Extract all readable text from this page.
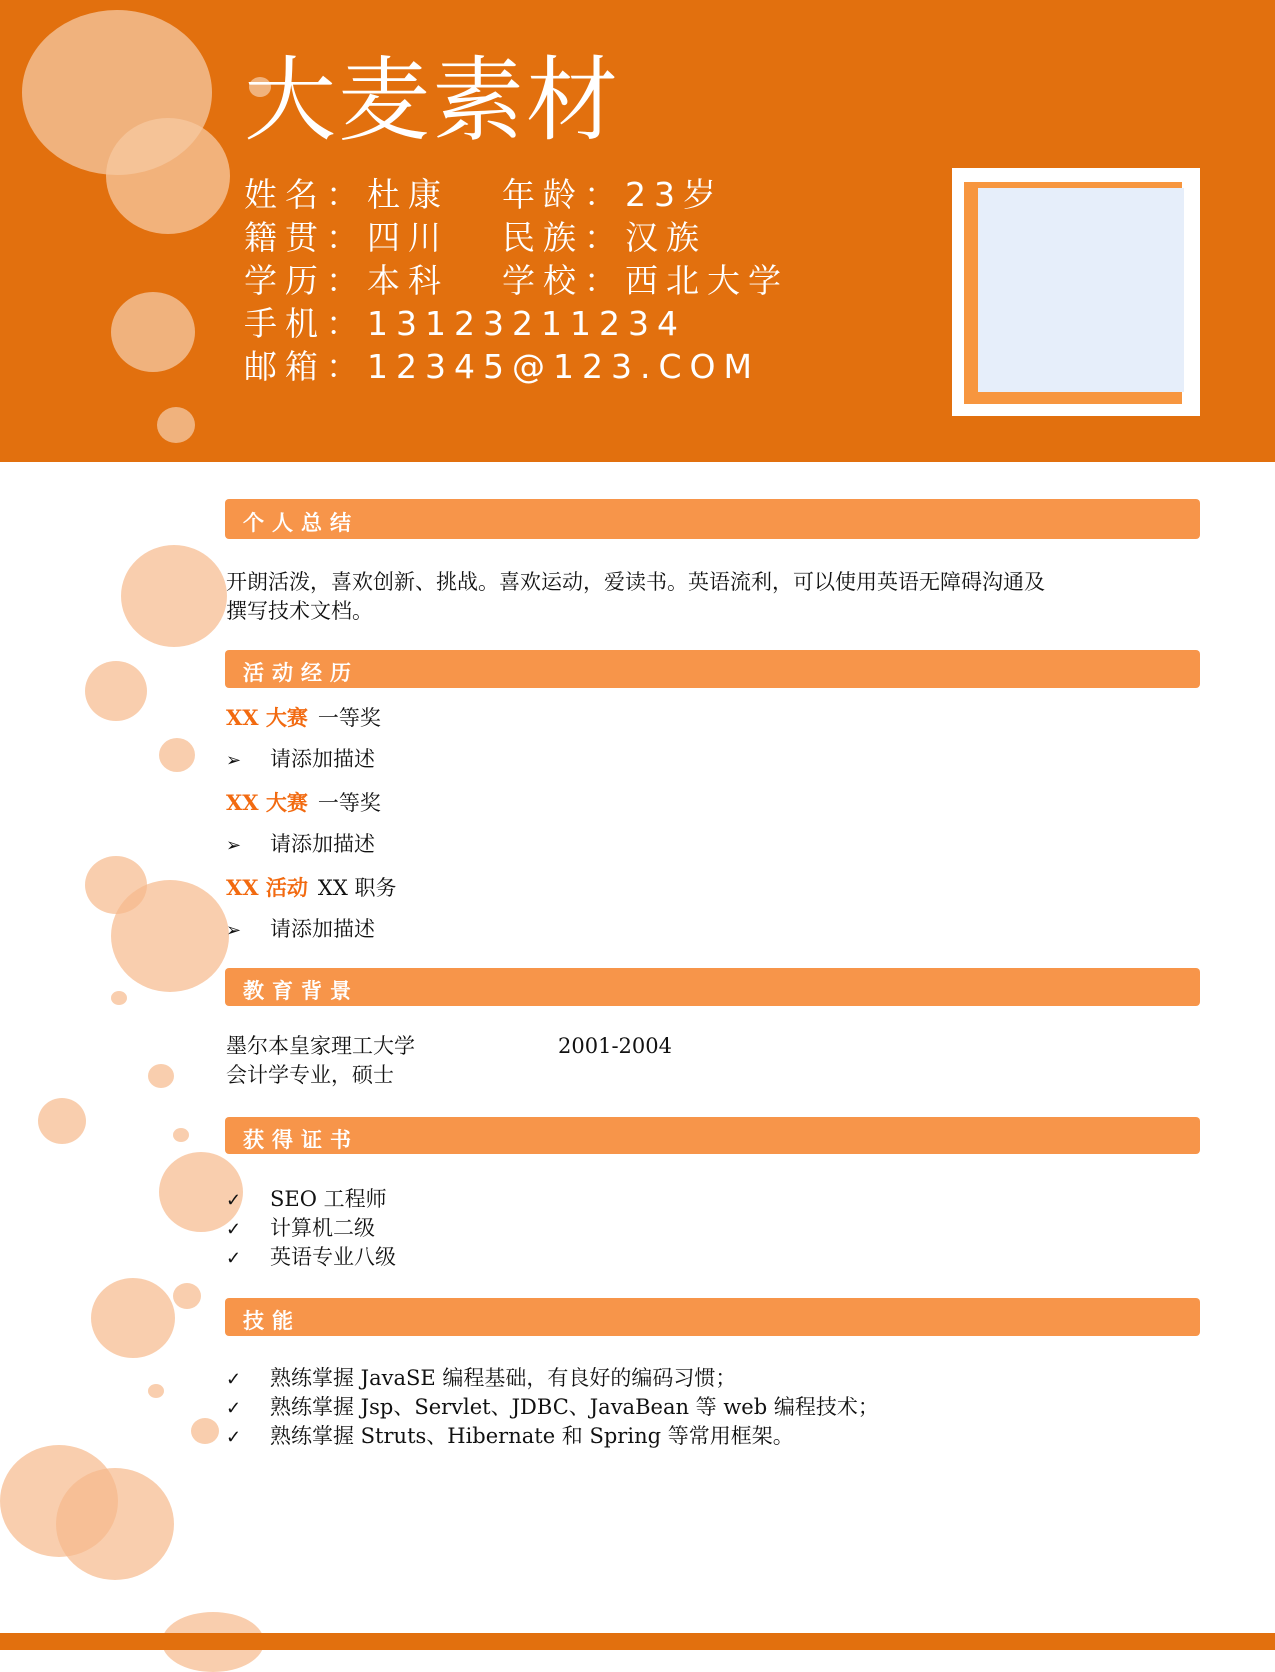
大麦素材
姓名：杜康 年龄：23岁
籍贯：四川 民族：汉族
学历：本科 学校：西北大学
手机：13123211234
邮箱：12345@123.COM
个人总结
开朗活泼，喜欢创新、挑战。喜欢运动，爱读书。英语流利，可以使用英语无障碍沟通及
撰写技术文档。
活动经历
XX 大赛 一等奖
➢ 请添加描述
XX 大赛 一等奖
➢ 请添加描述
XX 活动 XX 职务
➢ 请添加描述
教育背景
墨尔本皇家理工大学	2001-2004
会计学专业，硕士
获得证书
✓ SEO 工程师
✓ 计算机二级
✓ 英语专业八级
技能
✓ 熟练掌握 JavaSE 编程基础，有良好的编码习惯；
✓ 熟练掌握 Jsp、Servlet、JDBC、JavaBean 等 web 编程技术；
✓ 熟练掌握 Struts、Hibernate 和 Spring 等常用框架。
